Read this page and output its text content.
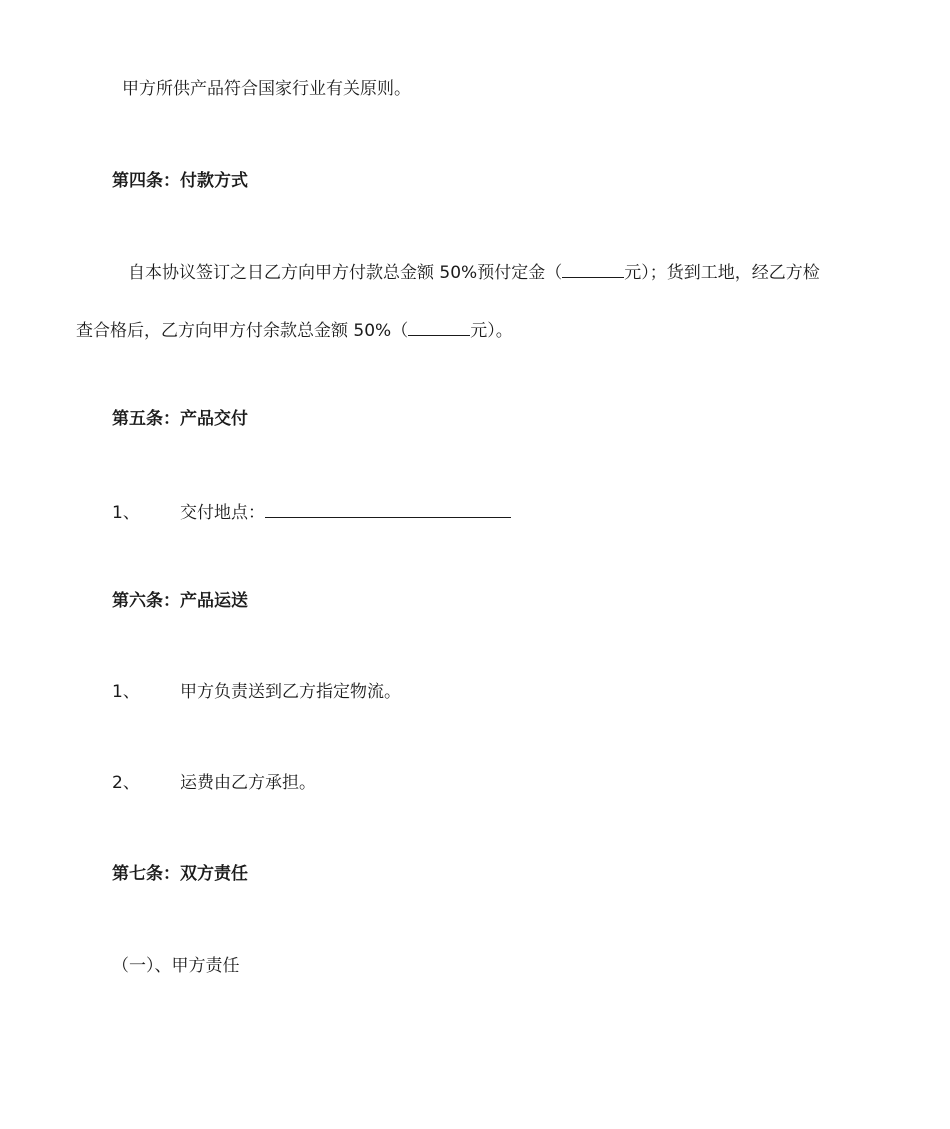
甲方所供产品符合国家行业有关原则。
第四条：付款方式
自本协议签订之日乙方向甲方付款总金额 50%预付定金（	元）；货到工地，经乙方检
查合格后，乙方向甲方付余款总金额 50%（	元）。
第五条：产品交付
1、 交付地点：
第六条：产品运送
1、 甲方负责送到乙方指定物流。
2、 运费由乙方承担。
第七条：双方责任
（一）、甲方责任
